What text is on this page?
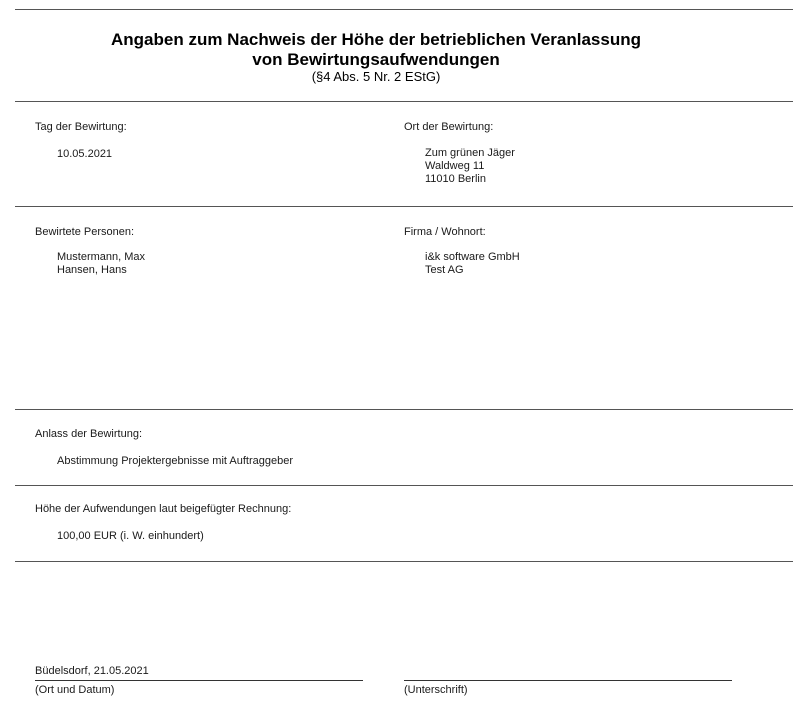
Angaben zum Nachweis der Höhe der betrieblichen Veranlassung
von Bewirtungsaufwendungen
(§4 Abs. 5 Nr. 2 EStG)
Tag der Bewirtung:
10.05.2021
Ort der Bewirtung:
Zum grünen Jäger
Waldweg 11
11010 Berlin
Bewirtete Personen:
Mustermann, Max
Hansen, Hans
Firma / Wohnort:
i&k software GmbH
Test AG
Anlass der Bewirtung:
Abstimmung Projektergebnisse mit Auftraggeber
Höhe der Aufwendungen laut beigefügter Rechnung:
100,00 EUR (i. W. einhundert)
Büdelsdorf, 21.05.2021
(Ort und Datum)	(Unterschrift)
